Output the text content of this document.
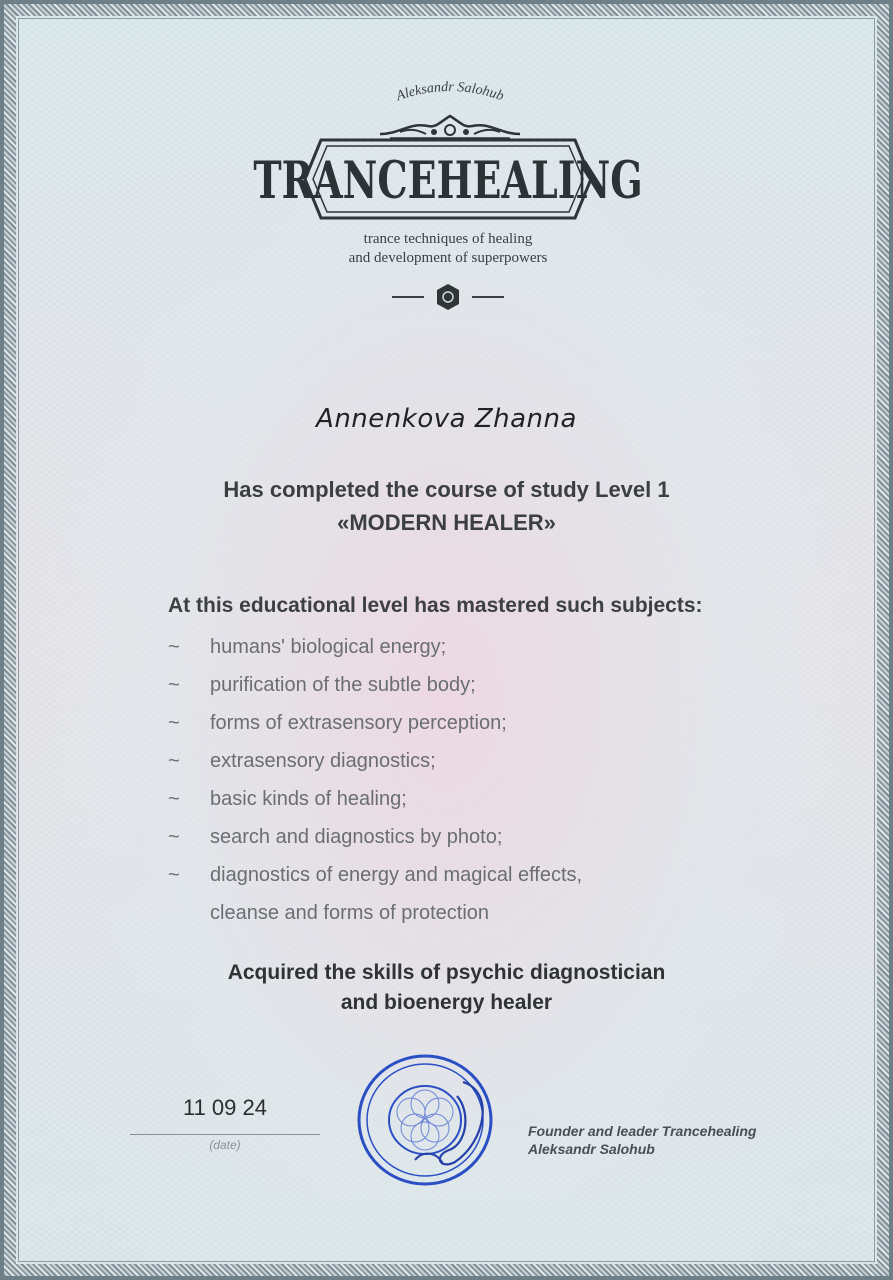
Aleksandr Salohub
TRANCEHEALING
trance techniques of healing
and development of superpowers
Annenkova Zhanna
Has completed the course of study Level 1
«MODERN HEALER»
At this educational level has mastered such subjects:
~	humans' biological energy;
~	purification of the subtle body;
~	forms of extrasensory perception;
~	extrasensory diagnostics;
~	basic kinds of healing;
~	search and diagnostics by photo;
~	diagnostics of energy and magical effects,
cleanse and forms of protection
Acquired the skills of psychic diagnostician
and bioenergy healer
11 09 24
(date)
Founder and leader Trancehealing
Aleksandr Salohub
